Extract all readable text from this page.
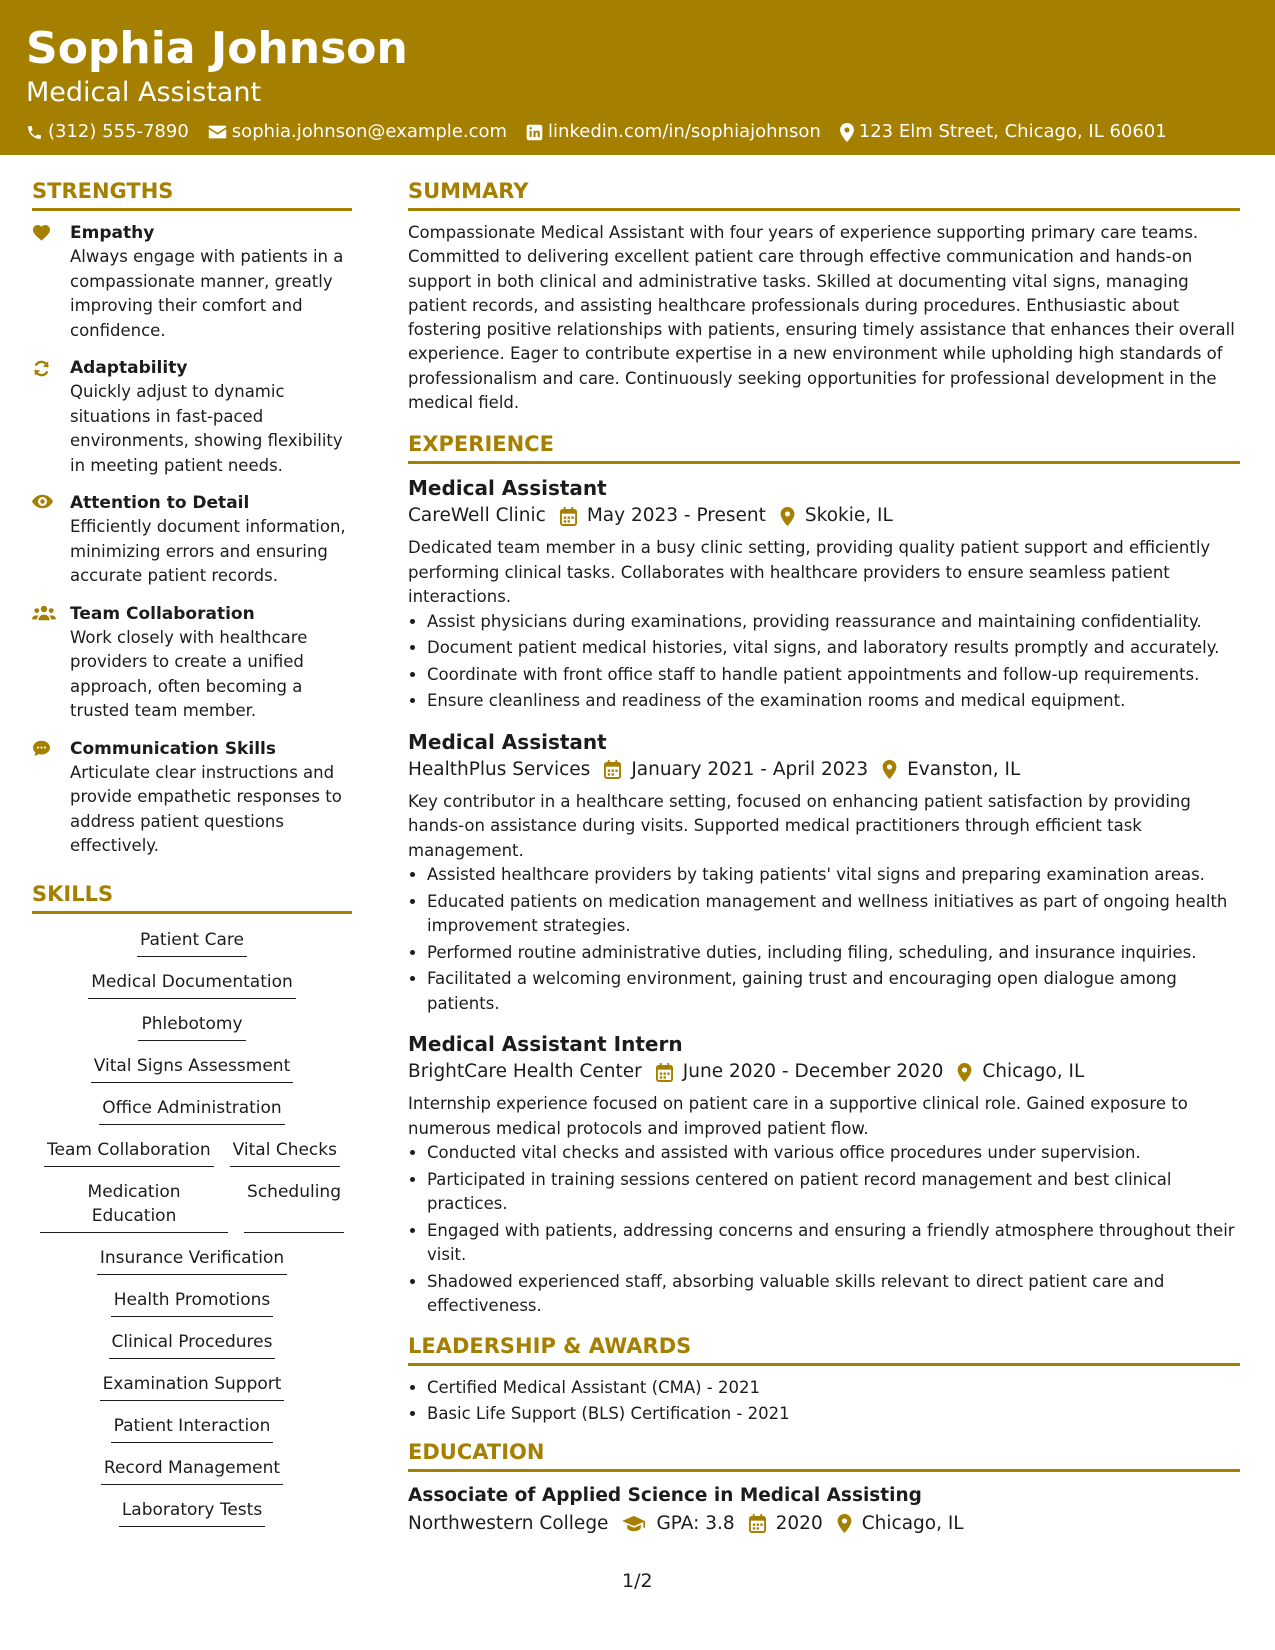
Sophia Johnson
Medical Assistant
(312) 555-7890 sophia.johnson@example.com linkedin.com/in/sophiajohnson 123 Elm Street, Chicago, IL 60601
STRENGTHS
Empathy
Always engage with patients in a compassionate manner, greatly improving their comfort and confidence.
Adaptability
Quickly adjust to dynamic situations in fast-paced environments, showing flexibility in meeting patient needs.
Attention to Detail
Efficiently document information, minimizing errors and ensuring accurate patient records.
Team Collaboration
Work closely with healthcare providers to create a unified approach, often becoming a trusted team member.
Communication Skills
Articulate clear instructions and provide empathetic responses to address patient questions effectively.
SKILLS
Patient Care
Medical Documentation
Phlebotomy
Vital Signs Assessment
Office Administration
Team Collaboration Vital Checks
Medication Education
Scheduling
Insurance Verification
Health Promotions
Clinical Procedures
Examination Support
Patient Interaction
Record Management
Laboratory Tests
SUMMARY
Compassionate Medical Assistant with four years of experience supporting primary care teams. Committed to delivering excellent patient care through effective communication and hands-on support in both clinical and administrative tasks. Skilled at documenting vital signs, managing patient records, and assisting healthcare professionals during procedures. Enthusiastic about fostering positive relationships with patients, ensuring timely assistance that enhances their overall experience. Eager to contribute expertise in a new environment while upholding high standards of professionalism and care. Continuously seeking opportunities for professional development in the medical field.
EXPERIENCE
Medical Assistant
CareWell Clinic May 2023 - Present Skokie, IL
Dedicated team member in a busy clinic setting, providing quality patient support and efficiently performing clinical tasks. Collaborates with healthcare providers to ensure seamless patient interactions.
• Assist physicians during examinations, providing reassurance and maintaining confidentiality.
• Document patient medical histories, vital signs, and laboratory results promptly and accurately.
• Coordinate with front office staff to handle patient appointments and follow-up requirements.
• Ensure cleanliness and readiness of the examination rooms and medical equipment.
Medical Assistant
HealthPlus Services January 2021 - April 2023 Evanston, IL
Key contributor in a healthcare setting, focused on enhancing patient satisfaction by providing hands-on assistance during visits. Supported medical practitioners through efficient task management.
• Assisted healthcare providers by taking patients' vital signs and preparing examination areas.
• Educated patients on medication management and wellness initiatives as part of ongoing health improvement strategies.
• Performed routine administrative duties, including filing, scheduling, and insurance inquiries.
• Facilitated a welcoming environment, gaining trust and encouraging open dialogue among patients.
Medical Assistant Intern
BrightCare Health Center June 2020 - December 2020 Chicago, IL
Internship experience focused on patient care in a supportive clinical role. Gained exposure to numerous medical protocols and improved patient flow.
• Conducted vital checks and assisted with various office procedures under supervision.
• Participated in training sessions centered on patient record management and best clinical practices.
• Engaged with patients, addressing concerns and ensuring a friendly atmosphere throughout their visit.
• Shadowed experienced staff, absorbing valuable skills relevant to direct patient care and effectiveness.
LEADERSHIP & AWARDS
• Certified Medical Assistant (CMA) - 2021
• Basic Life Support (BLS) Certification - 2021
EDUCATION
Associate of Applied Science in Medical Assisting
Northwestern College	GPA: 3.8 2020 Chicago, IL
1/2
